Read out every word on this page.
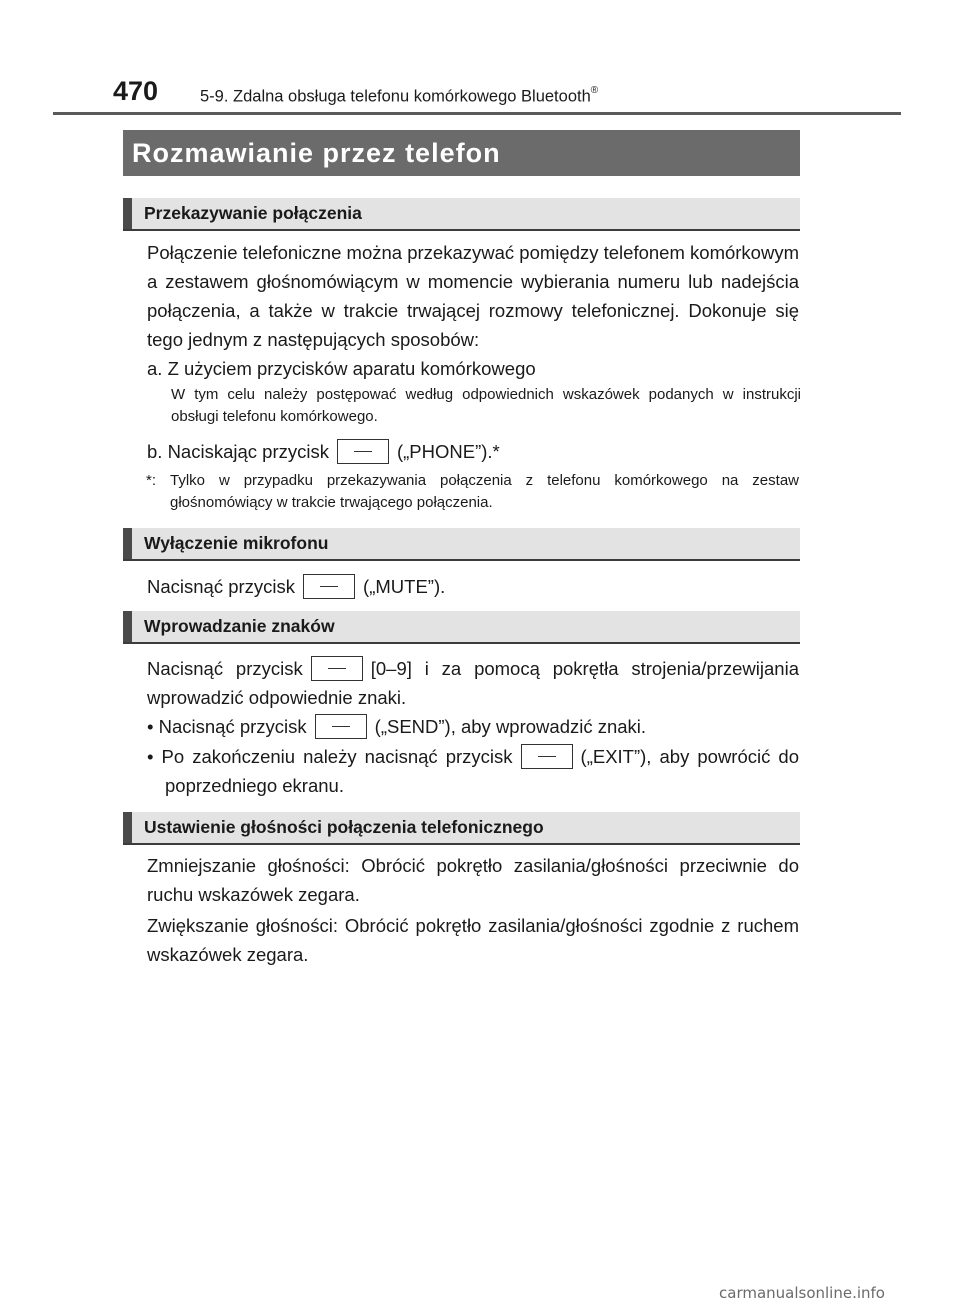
470	5-9. Zdalna obsługa telefonu komórkowego Bluetooth®
Rozmawianie przez telefon
Przekazywanie połączenia
Połączenie telefoniczne można przekazywać pomiędzy telefonem komórkowym a zestawem głośnomówiącym w momencie wybierania numeru lub nadejścia połączenia, a także w trakcie trwającej rozmowy telefonicznej. Dokonuje się tego jednym z następujących sposobów:
a. Z użyciem przycisków aparatu komórkowego
W tym celu należy postępować według odpowiednich wskazówek podanych w instrukcji obsługi telefonu komórkowego.
b. Naciskając przycisk	(„PHONE”).*
*: Tylko w przypadku przekazywania połączenia z telefonu komórkowego na zestaw głośnomówiący w trakcie trwającego połączenia.
Wyłączenie mikrofonu
Nacisnąć przycisk	(„MUTE”).
Wprowadzanie znaków
Nacisnąć przycisk	[0–9] i za pomocą pokrętła strojenia/przewijania wprowadzić odpowiednie znaki.
• Nacisnąć przycisk	(„SEND”), aby wprowadzić znaki.
• Po zakończeniu należy nacisnąć przycisk	(„EXIT”), aby powrócić do poprzedniego ekranu.
Ustawienie głośności połączenia telefonicznego
Zmniejszanie głośności: Obrócić pokrętło zasilania/głośności przeciwnie do ruchu wskazówek zegara.
Zwiększanie głośności: Obrócić pokrętło zasilania/głośności zgodnie z ruchem wskazówek zegara.
carmanualsonline.info
